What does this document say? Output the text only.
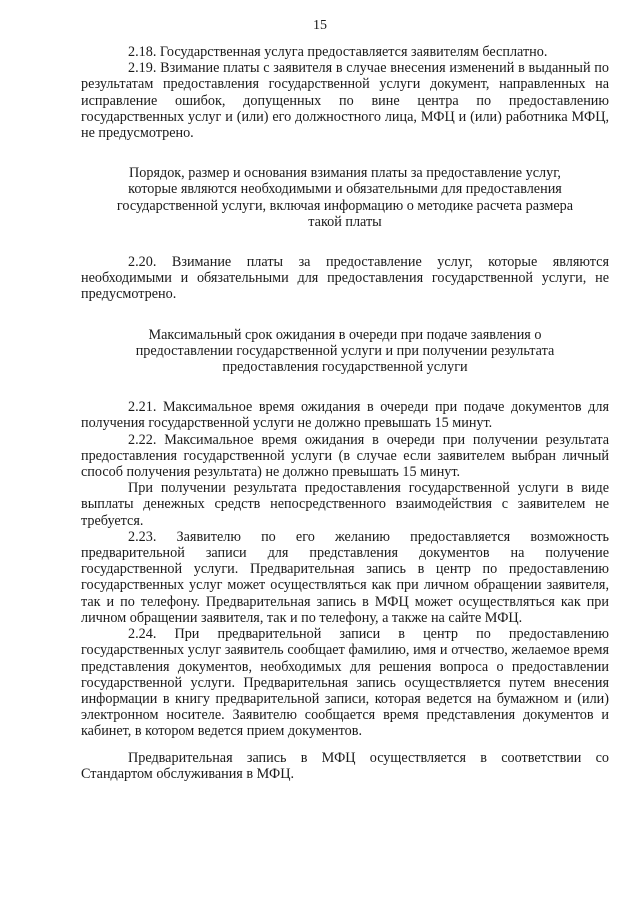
15

2.18. Государственная услуга предоставляется заявителям бесплатно.

2.19. Взимание платы с заявителя в случае внесения изменений в выданный по результатам предоставления государственной услуги документ, направленных на исправление ошибок, допущенных по вине центра по предоставлению государственных услуг и (или) его должностного лица, МФЦ и (или) работника МФЦ, не предусмотрено.

Порядок, размер и основания взимания платы за предоставление услуг, которые являются необходимыми и обязательными для предоставления государственной услуги, включая информацию о методике расчета размера такой платы

2.20. Взимание платы за предоставление услуг, которые являются необходимыми и обязательными для предоставления государственной услуги, не предусмотрено.

Максимальный срок ожидания в очереди при подаче заявления о предоставлении государственной услуги и при получении результата предоставления государственной услуги

2.21. Максимальное время ожидания в очереди при подаче документов для получения государственной услуги не должно превышать 15 минут.

2.22. Максимальное время ожидания в очереди при получении результата предоставления государственной услуги (в случае если заявителем выбран личный способ получения результата) не должно превышать 15 минут.

При получении результата предоставления государственной услуги в виде выплаты денежных средств непосредственного взаимодействия с заявителем не требуется.

2.23. Заявителю по его желанию предоставляется возможность предварительной записи для представления документов на получение государственной услуги. Предварительная запись в центр по предоставлению государственных услуг может осуществляться как при личном обращении заявителя, так и по телефону. Предварительная запись в МФЦ может осуществляться как при личном обращении заявителя, так и по телефону, а также на сайте МФЦ.

2.24. При предварительной записи в центр по предоставлению государственных услуг заявитель сообщает фамилию, имя и отчество, желаемое время представления документов, необходимых для решения вопроса о предоставлении государственной услуги. Предварительная запись осуществляется путем внесения информации в книгу предварительной записи, которая ведется на бумажном и (или) электронном носителе. Заявителю сообщается время представления документов и кабинет, в котором ведется прием документов.

Предварительная запись в МФЦ осуществляется в соответствии со Стандартом обслуживания в МФЦ.
